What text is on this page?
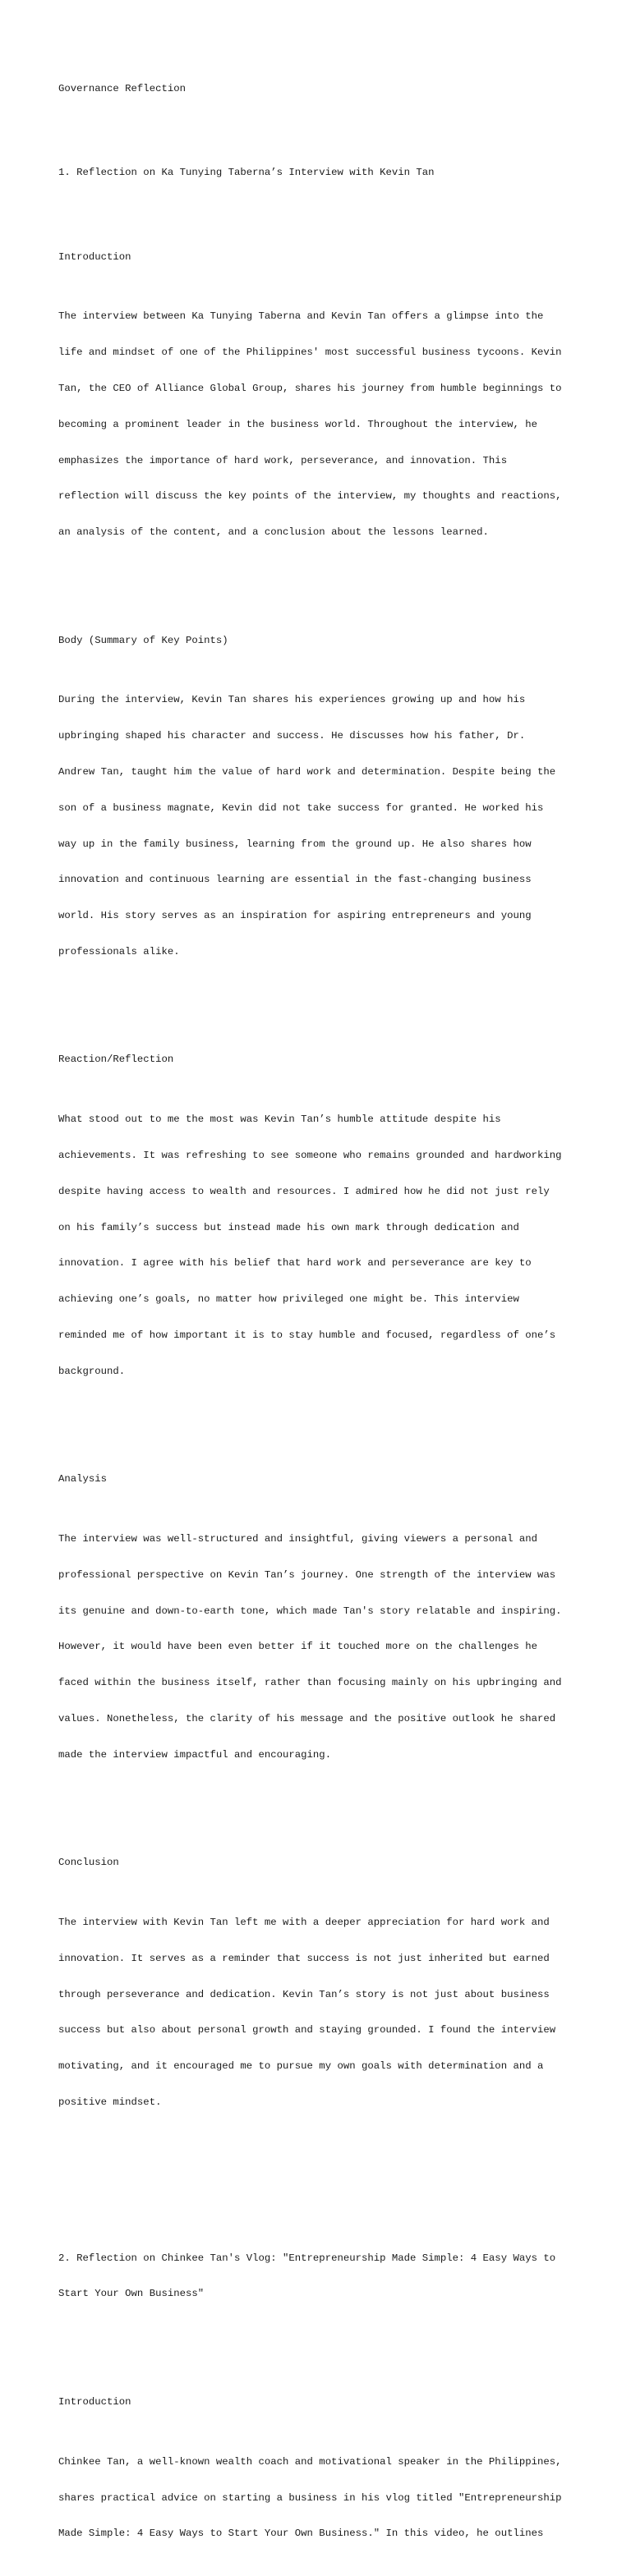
Governance Reflection

1. Reflection on Ka Tunying Taberna’s Interview with Kevin Tan

Introduction

The interview between Ka Tunying Taberna and Kevin Tan offers a glimpse into the

life and mindset of one of the Philippines' most successful business tycoons. Kevin

Tan, the CEO of Alliance Global Group, shares his journey from humble beginnings to

becoming a prominent leader in the business world. Throughout the interview, he

emphasizes the importance of hard work, perseverance, and innovation. This

reflection will discuss the key points of the interview, my thoughts and reactions,

an analysis of the content, and a conclusion about the lessons learned.

Body (Summary of Key Points)

During the interview, Kevin Tan shares his experiences growing up and how his

upbringing shaped his character and success. He discusses how his father, Dr.

Andrew Tan, taught him the value of hard work and determination. Despite being the

son of a business magnate, Kevin did not take success for granted. He worked his

way up in the family business, learning from the ground up. He also shares how

innovation and continuous learning are essential in the fast-changing business

world. His story serves as an inspiration for aspiring entrepreneurs and young

professionals alike.

Reaction/Reflection

What stood out to me the most was Kevin Tan’s humble attitude despite his

achievements. It was refreshing to see someone who remains grounded and hardworking

despite having access to wealth and resources. I admired how he did not just rely

on his family’s success but instead made his own mark through dedication and

innovation. I agree with his belief that hard work and perseverance are key to

achieving one’s goals, no matter how privileged one might be. This interview

reminded me of how important it is to stay humble and focused, regardless of one’s

background.

Analysis

The interview was well-structured and insightful, giving viewers a personal and

professional perspective on Kevin Tan’s journey. One strength of the interview was

its genuine and down-to-earth tone, which made Tan's story relatable and inspiring.

However, it would have been even better if it touched more on the challenges he

faced within the business itself, rather than focusing mainly on his upbringing and

values. Nonetheless, the clarity of his message and the positive outlook he shared

made the interview impactful and encouraging.

Conclusion

The interview with Kevin Tan left me with a deeper appreciation for hard work and

innovation. It serves as a reminder that success is not just inherited but earned

through perseverance and dedication. Kevin Tan’s story is not just about business

success but also about personal growth and staying grounded. I found the interview

motivating, and it encouraged me to pursue my own goals with determination and a

positive mindset.

2. Reflection on Chinkee Tan's Vlog: "Entrepreneurship Made Simple: 4 Easy Ways to

Start Your Own Business"

Introduction

Chinkee Tan, a well-known wealth coach and motivational speaker in the Philippines,

shares practical advice on starting a business in his vlog titled "Entrepreneurship

Made Simple: 4 Easy Ways to Start Your Own Business." In this video, he outlines
